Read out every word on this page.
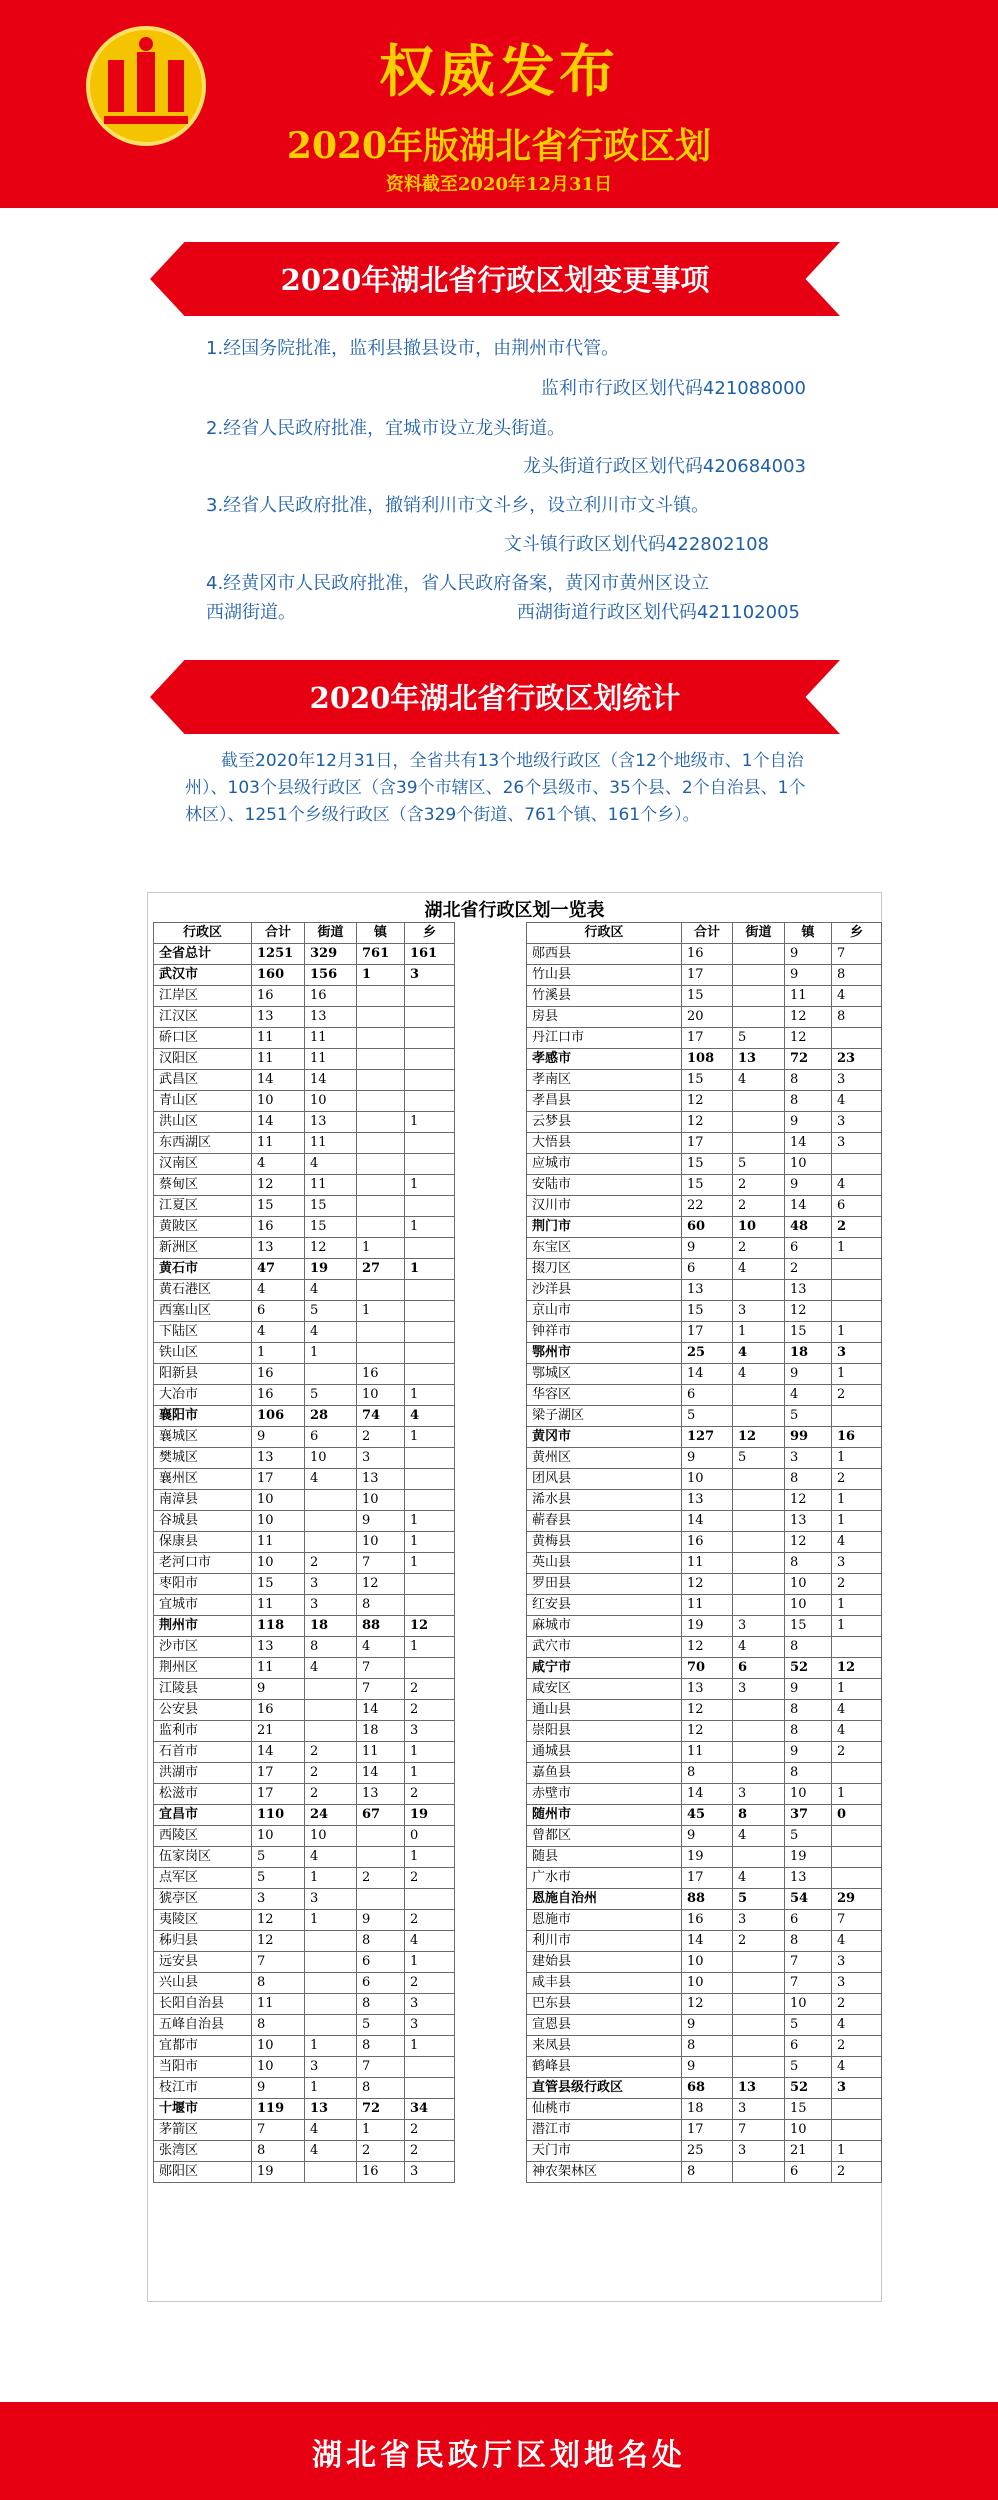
权威发布
2020年版湖北省行政区划
资料截至2020年12月31日
2020年湖北省行政区划变更事项
1.经国务院批准，监利县撤县设市，由荆州市代管。
监利市行政区划代码421088000
2.经省人民政府批准，宜城市设立龙头街道。
龙头街道行政区划代码420684003
3.经省人民政府批准，撤销利川市文斗乡，设立利川市文斗镇。
文斗镇行政区划代码422802108
4.经黄冈市人民政府批准，省人民政府备案，黄冈市黄州区设立
西湖街道。	西湖街道行政区划代码421102005
2020年湖北省行政区划统计
截至2020年12月31日，全省共有13个地级行政区（含12个地级市、1个自治州）、103个县级行政区（含39个市辖区、26个县级市、35个县、2个自治县、1个林区）、1251个乡级行政区（含329个街道、761个镇、161个乡）。
湖北省行政区划一览表
行政区	合计	街道	镇	乡
全省总计	1251	329	761	161
武汉市	160	156	1	3
江岸区	16	16		
江汉区	13	13		
硚口区	11	11		
汉阳区	11	11		
武昌区	14	14		
青山区	10	10		
洪山区	14	13		1
东西湖区	11	11		
汉南区	4	4		
蔡甸区	12	11		1
江夏区	15	15		
黄陂区	16	15		1
新洲区	13	12	1	
黄石市	47	19	27	1
黄石港区	4	4		
西塞山区	6	5	1	
下陆区	4	4		
铁山区	1	1		
阳新县	16		16	
大冶市	16	5	10	1
襄阳市	106	28	74	4
襄城区	9	6	2	1
樊城区	13	10	3	
襄州区	17	4	13	
南漳县	10		10	
谷城县	10		9	1
保康县	11		10	1
老河口市	10	2	7	1
枣阳市	15	3	12	
宜城市	11	3	8	
荆州市	118	18	88	12
沙市区	13	8	4	1
荆州区	11	4	7	
江陵县	9		7	2
公安县	16		14	2
监利市	21		18	3
石首市	14	2	11	1
洪湖市	17	2	14	1
松滋市	17	2	13	2
宜昌市	110	24	67	19
西陵区	10	10		0
伍家岗区	5	4		1
点军区	5	1	2	2
猇亭区	3	3		
夷陵区	12	1	9	2
秭归县	12		8	4
远安县	7		6	1
兴山县	8		6	2
长阳自治县	11		8	3
五峰自治县	8		5	3
宜都市	10	1	8	1
当阳市	10	3	7	
枝江市	9	1	8	
十堰市	119	13	72	34
茅箭区	7	4	1	2
张湾区	8	4	2	2
郧阳区	19		16	3
行政区	合计	街道	镇	乡
郧西县	16		9	7
竹山县	17		9	8
竹溪县	15		11	4
房县	20		12	8
丹江口市	17	5	12	
孝感市	108	13	72	23
孝南区	15	4	8	3
孝昌县	12		8	4
云梦县	12		9	3
大悟县	17		14	3
应城市	15	5	10	
安陆市	15	2	9	4
汉川市	22	2	14	6
荆门市	60	10	48	2
东宝区	9	2	6	1
掇刀区	6	4	2	
沙洋县	13		13	
京山市	15	3	12	
钟祥市	17	1	15	1
鄂州市	25	4	18	3
鄂城区	14	4	9	1
华容区	6		4	2
梁子湖区	5		5	
黄冈市	127	12	99	16
黄州区	9	5	3	1
团风县	10		8	2
浠水县	13		12	1
蕲春县	14		13	1
黄梅县	16		12	4
英山县	11		8	3
罗田县	12		10	2
红安县	11		10	1
麻城市	19	3	15	1
武穴市	12	4	8	
咸宁市	70	6	52	12
咸安区	13	3	9	1
通山县	12		8	4
崇阳县	12		8	4
通城县	11		9	2
嘉鱼县	8		8	
赤壁市	14	3	10	1
随州市	45	8	37	0
曾都区	9	4	5	
随县	19		19	
广水市	17	4	13	
恩施自治州	88	5	54	29
恩施市	16	3	6	7
利川市	14	2	8	4
建始县	10		7	3
咸丰县	10		7	3
巴东县	12		10	2
宣恩县	9		5	4
来凤县	8		6	2
鹤峰县	9		5	4
直管县级行政区	68	13	52	3
仙桃市	18	3	15	
潜江市	17	7	10	
天门市	25	3	21	1
神农架林区	8		6	2
湖北省民政厅区划地名处
